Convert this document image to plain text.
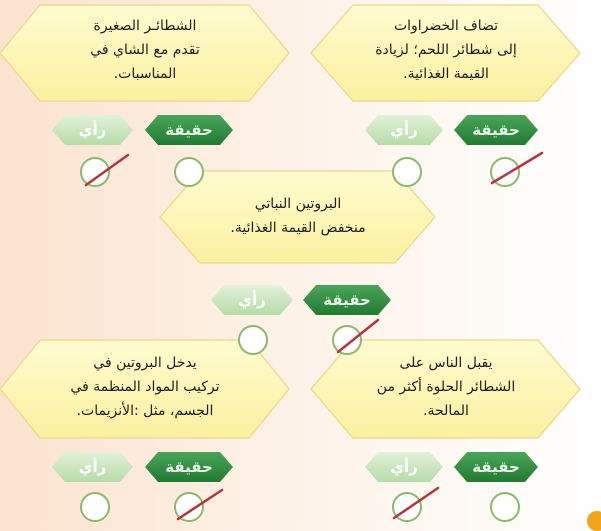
تضاف الخضراوات
إلى شطائر اللحم؛ لزيادة
القيمة الغذائية.
الشطائـر الصغيرة
تقدم مع الشاي في
المناسبات.
البروتين النباتي
منخفض القيمة الغذائية.
يقبل الناس على
الشطائر الحلوة أكثر من
المالحة.
يدخل البروتين في
تركيب المواد المنظمة في
الجسم، مثل :الأنزيمات.
حقيقة
رأي
حقيقة
رأي
حقيقة
رأي
حقيقة
رأي
حقيقة
رأي
